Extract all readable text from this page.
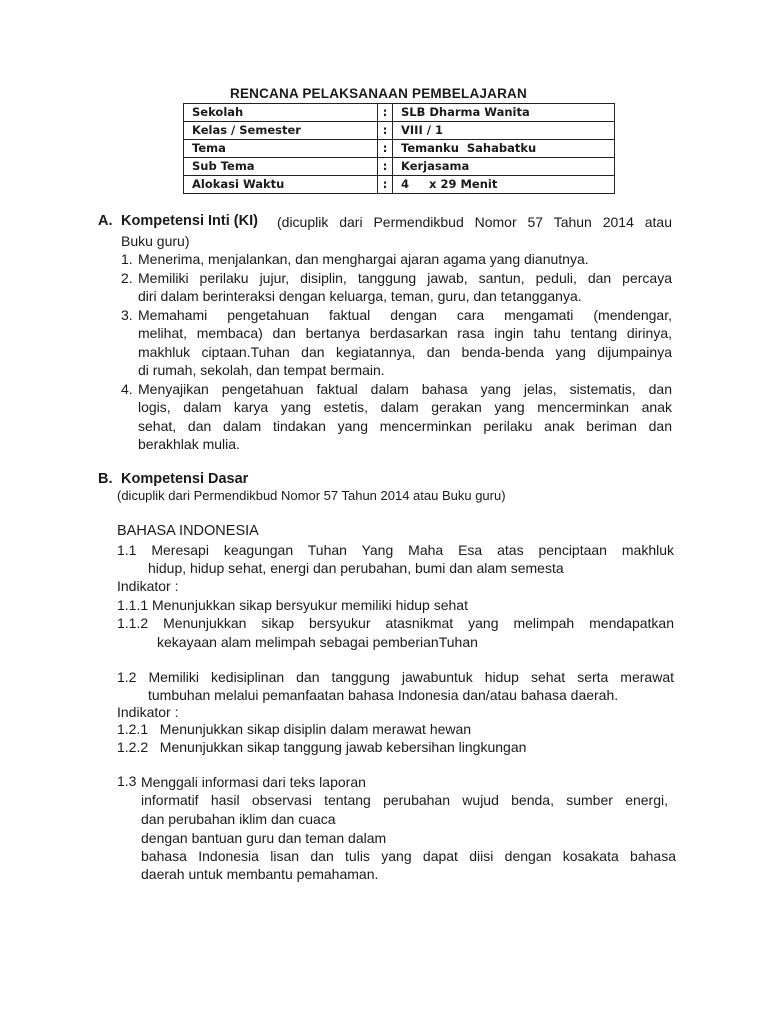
RENCANA PELAKSANAAN PEMBELAJARAN
Sekolah	:	SLB Dharma Wanita
Kelas / Semester	:	VIII / 1
Tema	:	Temanku  Sahabatku
Sub Tema	:	Kerjasama
Alokasi Waktu	:	4     x 29 Menit
A. Kompetensi Inti (KI) (dicuplik dari Permendikbud Nomor 57 Tahun 2014 atau
Buku guru)
1. Menerima, menjalankan, dan menghargai ajaran agama yang dianutnya.
2. Memiliki perilaku jujur, disiplin, tanggung jawab, santun, peduli, dan percaya
diri dalam berinteraksi dengan keluarga, teman, guru, dan tetangganya.
3. Memahami pengetahuan faktual dengan cara mengamati (mendengar,
melihat, membaca) dan bertanya berdasarkan rasa ingin tahu tentang dirinya,
makhluk ciptaan.Tuhan dan kegiatannya, dan benda-benda yang dijumpainya
di rumah, sekolah, dan tempat bermain.
4. Menyajikan pengetahuan faktual dalam bahasa yang jelas, sistematis, dan
logis, dalam karya yang estetis, dalam gerakan yang mencerminkan anak
sehat, dan dalam tindakan yang mencerminkan perilaku anak beriman dan
berakhlak mulia.
B. Kompetensi Dasar
(dicuplik dari Permendikbud Nomor 57 Tahun 2014 atau Buku guru)
BAHASA INDONESIA
1.1 Meresapi keagungan Tuhan Yang Maha Esa atas penciptaan makhluk
hidup, hidup sehat, energi dan perubahan, bumi dan alam semesta
Indikator :
1.1.1 Menunjukkan sikap bersyukur memiliki hidup sehat
1.1.2 Menunjukkan sikap bersyukur atasnikmat yang melimpah mendapatkan
kekayaan alam melimpah sebagai pemberianTuhan
1.2 Memiliki kedisiplinan dan tanggung jawabuntuk hidup sehat serta merawat
tumbuhan melalui pemanfaatan bahasa Indonesia dan/atau bahasa daerah.
Indikator :
1.2.1   Menunjukkan sikap disiplin dalam merawat hewan
1.2.2   Menunjukkan sikap tanggung jawab kebersihan lingkungan
1.3 Menggali informasi dari teks laporan
informatif hasil observasi tentang perubahan wujud benda, sumber energi,
dan perubahan iklim dan cuaca
dengan bantuan guru dan teman dalam
bahasa Indonesia lisan dan tulis yang dapat diisi dengan kosakata bahasa
daerah untuk membantu pemahaman.
